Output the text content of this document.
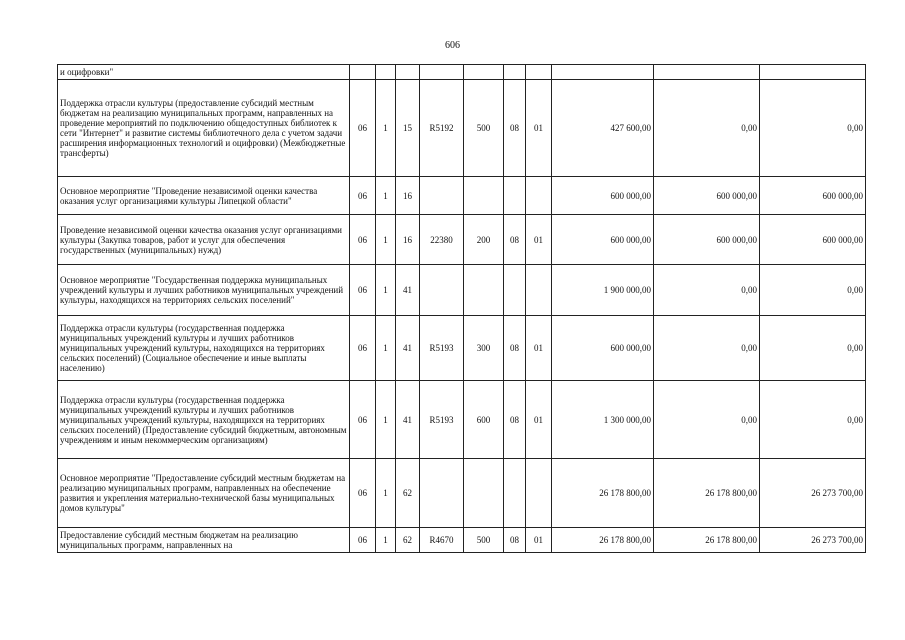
606
и оцифровки"										
Поддержка отрасли культуры (предоставление субсидий местным бюджетам на реализацию муниципальных программ, направленных на проведение мероприятий по подключению общедоступных библиотек к сети "Интернет" и развитие системы библиотечного дела с учетом задачи расширения информационных технологий и оцифровки) (Межбюджетные трансферты)	06	1	15	R5192	500	08	01	427 600,00	0,00	0,00
Основное мероприятие "Проведение независимой оценки качества оказания услуг организациями культуры Липецкой области"	06	1	16					600 000,00	600 000,00	600 000,00
Проведение независимой оценки качества оказания услуг организациями культуры (Закупка товаров, работ и услуг для обеспечения государственных (муниципальных) нужд)	06	1	16	22380	200	08	01	600 000,00	600 000,00	600 000,00
Основное мероприятие "Государственная поддержка муниципальных учреждений культуры и лучших работников муниципальных учреждений культуры, находящихся на территориях сельских поселений"	06	1	41					1 900 000,00	0,00	0,00
Поддержка отрасли культуры (государственная поддержка муниципальных учреждений культуры и лучших работников муниципальных учреждений культуры, находящихся на территориях сельских поселений) (Социальное обеспечение и иные выплаты населению)	06	1	41	R5193	300	08	01	600 000,00	0,00	0,00
Поддержка отрасли культуры (государственная поддержка муниципальных учреждений культуры и лучших работников муниципальных учреждений культуры, находящихся на территориях сельских поселений) (Предоставление субсидий бюджетным, автономным учреждениям и иным некоммерческим организациям)	06	1	41	R5193	600	08	01	1 300 000,00	0,00	0,00
Основное мероприятие "Предоставление субсидий местным бюджетам на реализацию муниципальных программ, направленных на обеспечение развития и укрепления материально-технической базы муниципальных домов культуры"	06	1	62					26 178 800,00	26 178 800,00	26 273 700,00
Предоставление субсидий местным бюджетам на реализацию муниципальных программ, направленных на	06	1	62	R4670	500	08	01	26 178 800,00	26 178 800,00	26 273 700,00
